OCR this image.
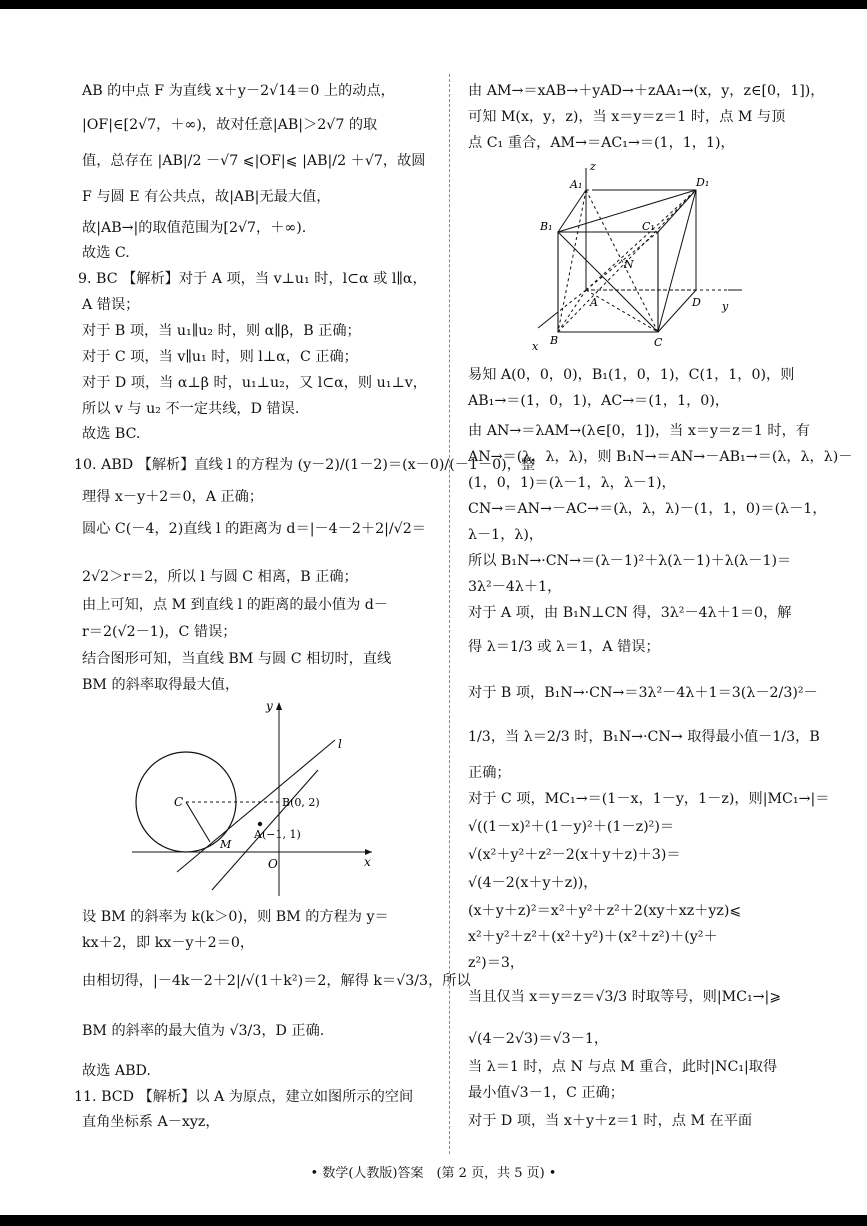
AB 的中点 F 为直线 x＋y－2√14＝0 上的动点，
|OF|∈[2√7，＋∞)，故对任意|AB|＞2√7 的取
值，总存在 |AB|/2 －√7 ⩽|OF|⩽ |AB|/2 ＋√7，故圆
F 与圆 E 有公共点，故|AB|无最大值，
故|AB→|的取值范围为[2√7，＋∞).
故选 C.
9. BC 【解析】对于 A 项，当 v⊥u₁ 时，l⊂α 或 l∥α，
A 错误；
对于 B 项，当 u₁∥u₂ 时，则 α∥β，B 正确；
对于 C 项，当 v∥u₁ 时，则 l⊥α，C 正确；
对于 D 项，当 α⊥β 时，u₁⊥u₂，又 l⊂α，则 u₁⊥v，
所以 v 与 u₂ 不一定共线，D 错误.
故选 BC.
10. ABD 【解析】直线 l 的方程为 (y－2)/(1－2)＝(x－0)/(－1－0)，整
理得 x－y＋2＝0，A 正确；
圆心 C(－4，2)直线 l 的距离为 d＝|－4－2＋2|/√2＝
2√2＞r＝2，所以 l 与圆 C 相离，B 正确；
由上可知，点 M 到直线 l 的距离的最小值为 d－
r＝2(√2－1)，C 错误；
结合图形可知，当直线 BM 与圆 C 相切时，直线
BM 的斜率取得最大值，
y
l
C	B(0, 2)
A(−1, 1)
M
O	x
设 BM 的斜率为 k(k＞0)，则 BM 的方程为 y＝
kx＋2，即 kx－y＋2＝0，
由相切得，|－4k－2＋2|/√(1＋k²)＝2，解得 k＝√3/3，所以
BM 的斜率的最大值为 √3/3，D 正确.
故选 ABD.
11. BCD 【解析】以 A 为原点，建立如图所示的空间
直角坐标系 A－xyz，
由 AM→＝xAB→＋yAD→＋zAA₁→(x，y，z∈[0，1])，
可知 M(x，y，z)，当 x＝y＝z＝1 时，点 M 与顶
点 C₁ 重合，AM→＝AC₁→＝(1，1，1)，
z
A₁	D₁
B₁	C₁
N
A	D y
B	C
x
易知 A(0，0，0)，B₁(1，0，1)，C(1，1，0)，则
AB₁→＝(1，0，1)，AC→＝(1，1，0)，
由 AN→＝λAM→(λ∈[0，1])，当 x＝y＝z＝1 时，有
AN→＝(λ，λ，λ)，则 B₁N→＝AN→－AB₁→＝(λ，λ，λ)－
(1，0，1)＝(λ－1，λ，λ－1)，
CN→＝AN→－AC→＝(λ，λ，λ)－(1，1，0)＝(λ－1，
λ－1，λ)，
所以 B₁N→·CN→＝(λ－1)²＋λ(λ－1)＋λ(λ－1)＝
3λ²－4λ＋1，
对于 A 项，由 B₁N⊥CN 得，3λ²－4λ＋1＝0，解
得 λ＝1/3 或 λ＝1，A 错误；
对于 B 项，B₁N→·CN→＝3λ²－4λ＋1＝3(λ－2/3)²－
1/3，当 λ＝2/3 时，B₁N→·CN→ 取得最小值－1/3，B
正确；
对于 C 项，MC₁→＝(1－x，1－y，1－z)，则|MC₁→|＝
√((1－x)²＋(1－y)²＋(1－z)²)＝
√(x²＋y²＋z²－2(x＋y＋z)＋3)＝
√(4－2(x＋y＋z))，
(x＋y＋z)²＝x²＋y²＋z²＋2(xy＋xz＋yz)⩽
x²＋y²＋z²＋(x²＋y²)＋(x²＋z²)＋(y²＋
z²)＝3，
当且仅当 x＝y＝z＝√3/3 时取等号，则|MC₁→|⩾
√(4－2√3)＝√3－1，
当 λ＝1 时，点 N 与点 M 重合，此时|NC₁|取得
最小值√3－1，C 正确；
对于 D 项，当 x＋y＋z＝1 时，点 M 在平面
• 数学(人教版)答案　(第 2 页，共 5 页) •
